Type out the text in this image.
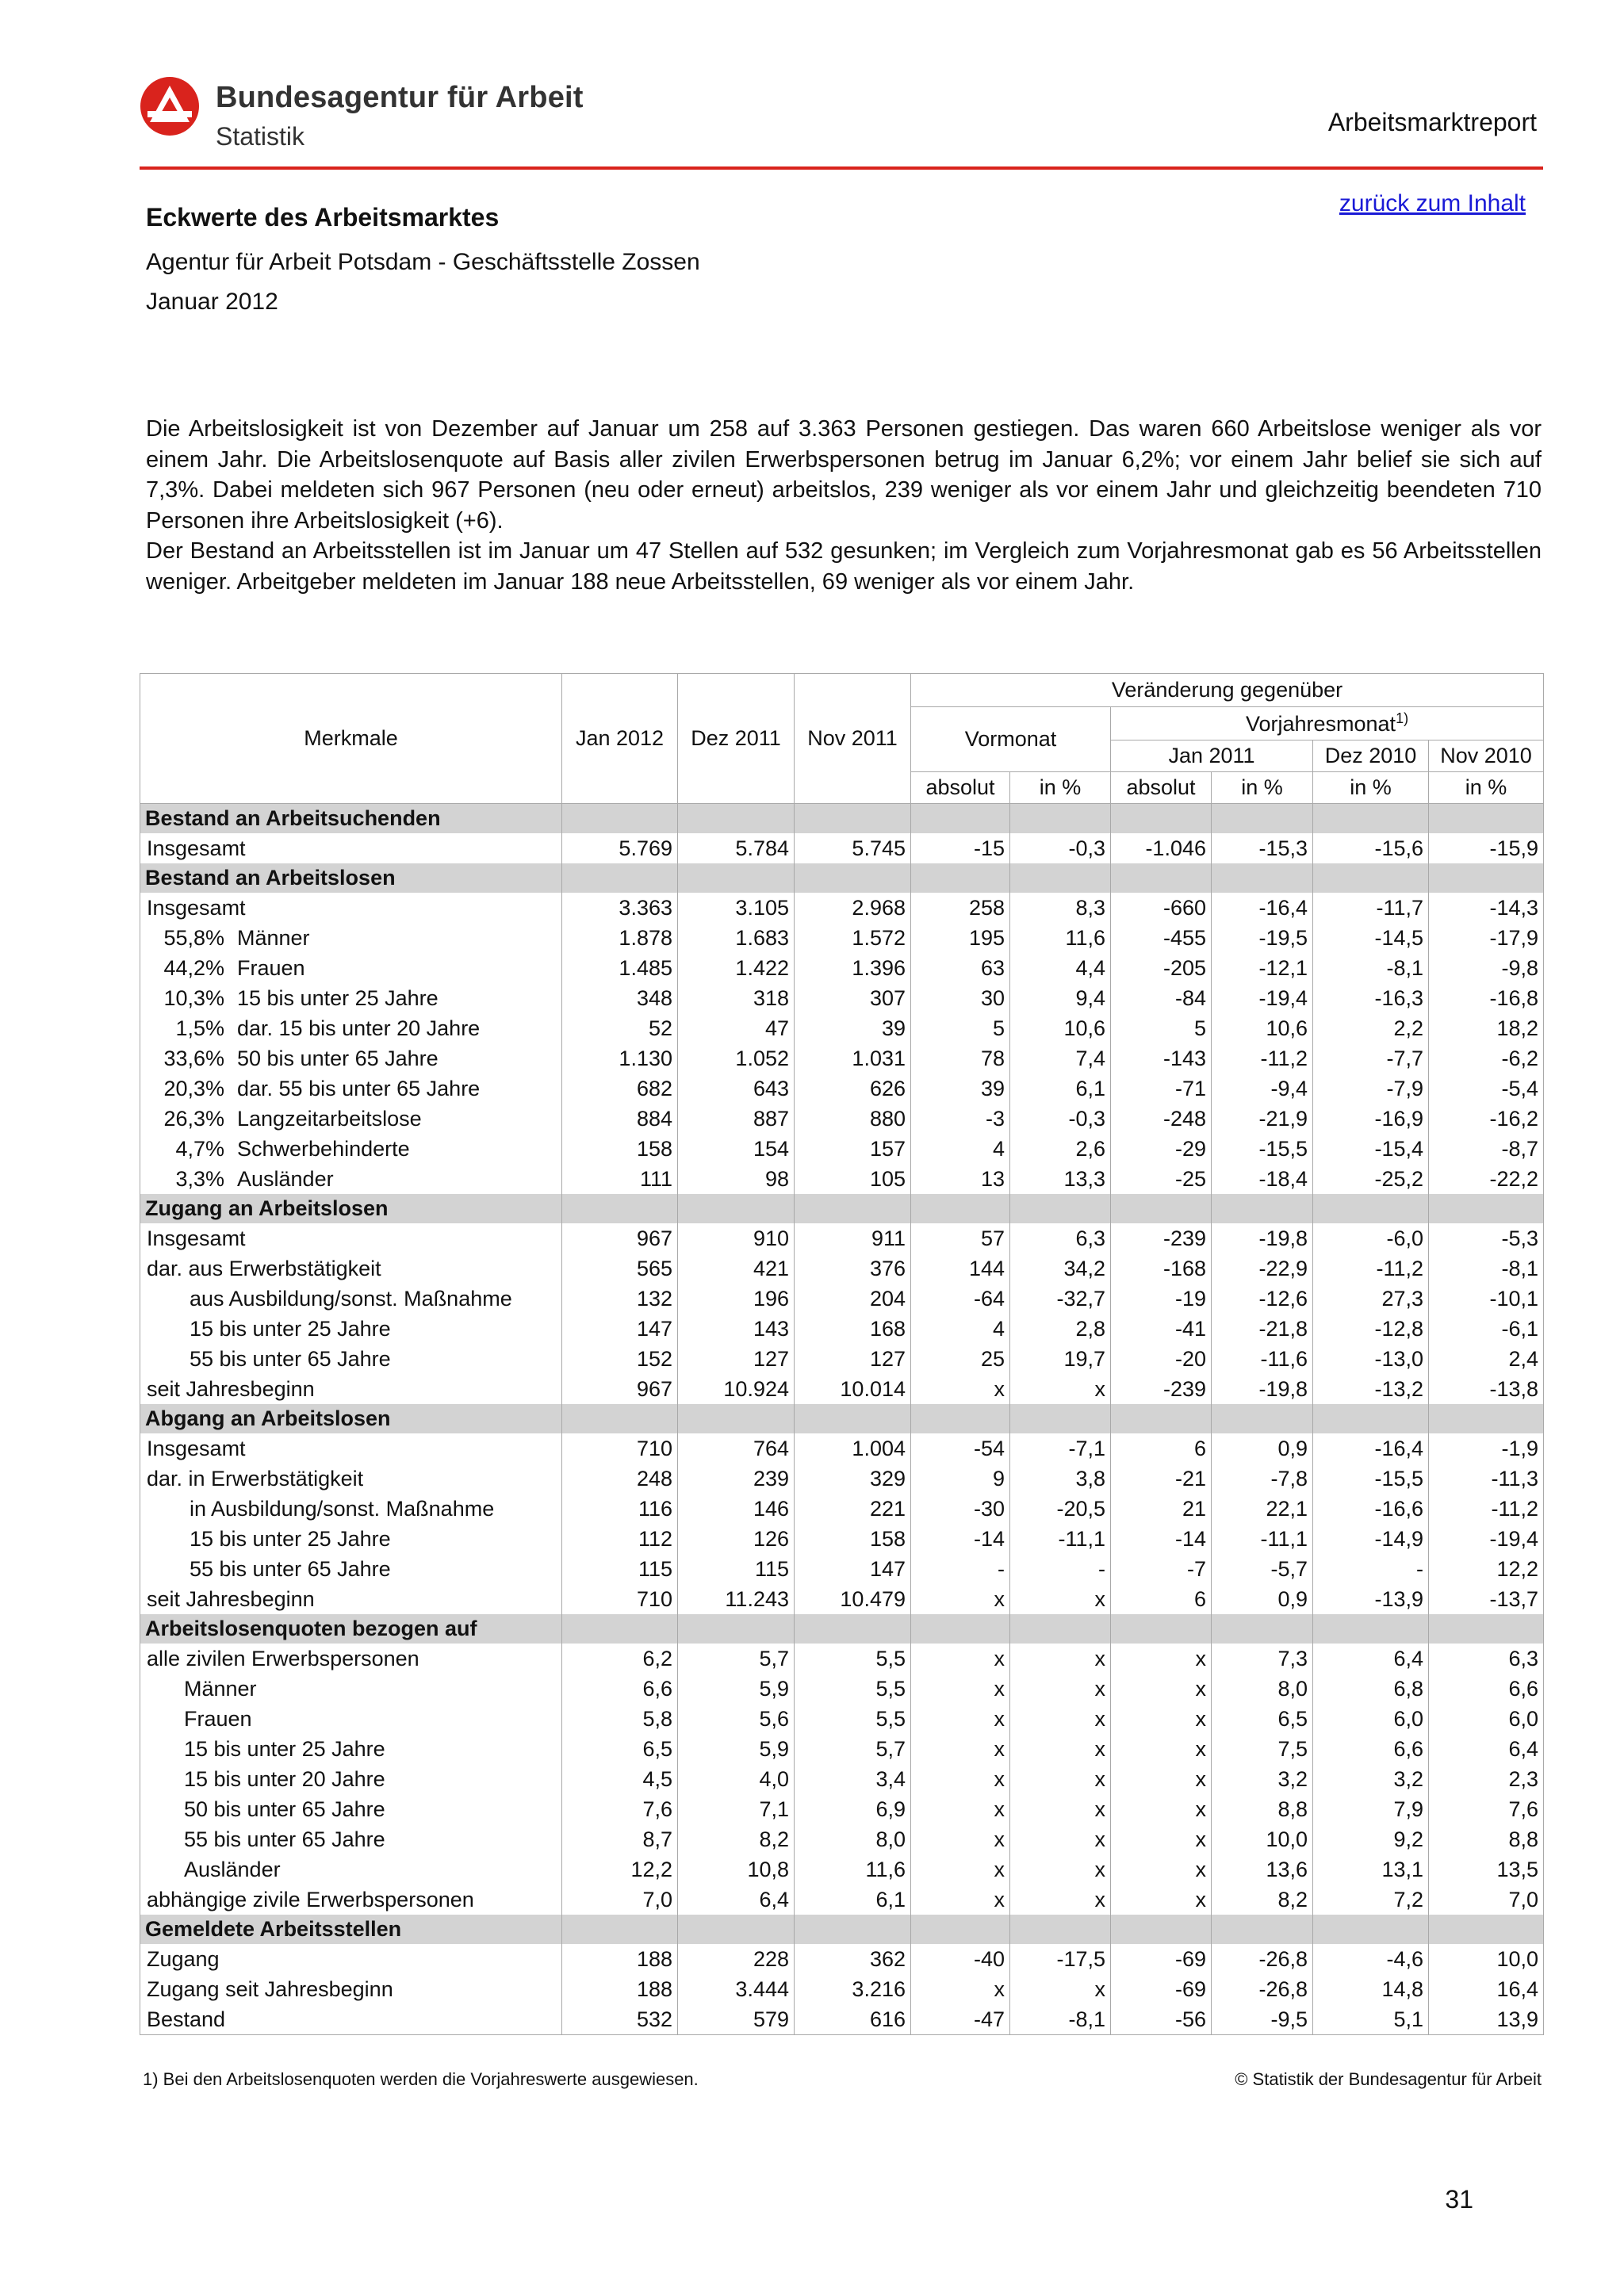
Bundesagentur für Arbeit
Statistik	Arbeitsmarktreport
zurück zum Inhalt
Eckwerte des Arbeitsmarktes
Agentur für Arbeit Potsdam - Geschäftsstelle Zossen
Januar 2012

Die Arbeitslosigkeit ist von Dezember auf Januar um 258 auf 3.363 Personen gestiegen. Das waren 660 Arbeitslose weniger als vor einem Jahr. Die Arbeitslosenquote auf Basis aller zivilen Erwerbspersonen betrug im Januar 6,2%; vor einem Jahr belief sie sich auf 7,3%. Dabei meldeten sich 967 Personen (neu oder erneut) arbeitslos, 239 weniger als vor einem Jahr und gleichzeitig beendeten 710 Personen ihre Arbeitslosigkeit (+6).

Der Bestand an Arbeitsstellen ist im Januar um 47 Stellen auf 532 gesunken; im Vergleich zum Vorjahresmonat gab es 56 Arbeitsstellen weniger. Arbeitgeber meldeten im Januar 188 neue Arbeitsstellen, 69 weniger als vor einem Jahr.

Merkmale	Jan 2012	Dez 2011	Nov 2011	Veränderung gegenüber					
				Vormonat		Vorjahresmonat$^{1)}$
						Jan 2011		Dez 2010	Nov 2010
				absolut	in %	absolut	in %	in %	in %
Bestand an Arbeitsuchenden									
Insgesamt	5.769	5.784	5.745	-15	-0,3	-1.046	-15,3	-15,6	-15,9
Bestand an Arbeitslosen									
Insgesamt	3.363	3.105	2.968	258	8,3	-660	-16,4	-11,7	-14,3
55,8% Männer	1.878	1.683	1.572	195	11,6	-455	-19,5	-14,5	-17,9
44,2% Frauen	1.485	1.422	1.396	63	4,4	-205	-12,1	-8,1	-9,8
10,3% 15 bis unter 25 Jahre	348	318	307	30	9,4	-84	-19,4	-16,3	-16,8
1,5% dar. 15 bis unter 20 Jahre	52	47	39	5	10,6	5	10,6	2,2	18,2
33,6% 50 bis unter 65 Jahre	1.130	1.052	1.031	78	7,4	-143	-11,2	-7,7	-6,2
20,3% dar. 55 bis unter 65 Jahre	682	643	626	39	6,1	-71	-9,4	-7,9	-5,4
26,3% Langzeitarbeitslose	884	887	880	-3	-0,3	-248	-21,9	-16,9	-16,2
4,7% Schwerbehinderte	158	154	157	4	2,6	-29	-15,5	-15,4	-8,7
3,3% Ausländer	111	98	105	13	13,3	-25	-18,4	-25,2	-22,2
Zugang an Arbeitslosen									
Insgesamt	967	910	911	57	6,3	-239	-19,8	-6,0	-5,3
dar. aus Erwerbstätigkeit	565	421	376	144	34,2	-168	-22,9	-11,2	-8,1
aus Ausbildung/sonst. Maßnahme	132	196	204	-64	-32,7	-19	-12,6	27,3	-10,1
15 bis unter 25 Jahre	147	143	168	4	2,8	-41	-21,8	-12,8	-6,1
55 bis unter 65 Jahre	152	127	127	25	19,7	-20	-11,6	-13,0	2,4
seit Jahresbeginn	967	10.924	10.014	x	x	-239	-19,8	-13,2	-13,8
Abgang an Arbeitslosen									
Insgesamt	710	764	1.004	-54	-7,1	6	0,9	-16,4	-1,9
dar. in Erwerbstätigkeit	248	239	329	9	3,8	-21	-7,8	-15,5	-11,3
in Ausbildung/sonst. Maßnahme	116	146	221	-30	-20,5	21	22,1	-16,6	-11,2
15 bis unter 25 Jahre	112	126	158	-14	-11,1	-14	-11,1	-14,9	-19,4
55 bis unter 65 Jahre	115	115	147	-	-	-7	-5,7	-	12,2
seit Jahresbeginn	710	11.243	10.479	x	x	6	0,9	-13,9	-13,7
Arbeitslosenquoten bezogen auf									
alle zivilen Erwerbspersonen	6,2	5,7	5,5	x	x	x	7,3	6,4	6,3
Männer	6,6	5,9	5,5	x	x	x	8,0	6,8	6,6
Frauen	5,8	5,6	5,5	x	x	x	6,5	6,0	6,0
15 bis unter 25 Jahre	6,5	5,9	5,7	x	x	x	7,5	6,6	6,4
15 bis unter 20 Jahre	4,5	4,0	3,4	x	x	x	3,2	3,2	2,3
50 bis unter 65 Jahre	7,6	7,1	6,9	x	x	x	8,8	7,9	7,6
55 bis unter 65 Jahre	8,7	8,2	8,0	x	x	x	10,0	9,2	8,8
Ausländer	12,2	10,8	11,6	x	x	x	13,6	13,1	13,5
abhängige zivile Erwerbspersonen	7,0	6,4	6,1	x	x	x	8,2	7,2	7,0
Gemeldete Arbeitsstellen									
Zugang	188	228	362	-40	-17,5	-69	-26,8	-4,6	10,0
Zugang seit Jahresbeginn	188	3.444	3.216	x	x	-69	-26,8	14,8	16,4
Bestand	532	579	616	-47	-8,1	-56	-9,5	5,1	13,9
1) Bei den Arbeitslosenquoten werden die Vorjahreswerte ausgewiesen.	© Statistik der Bundesagentur für Arbeit
31
